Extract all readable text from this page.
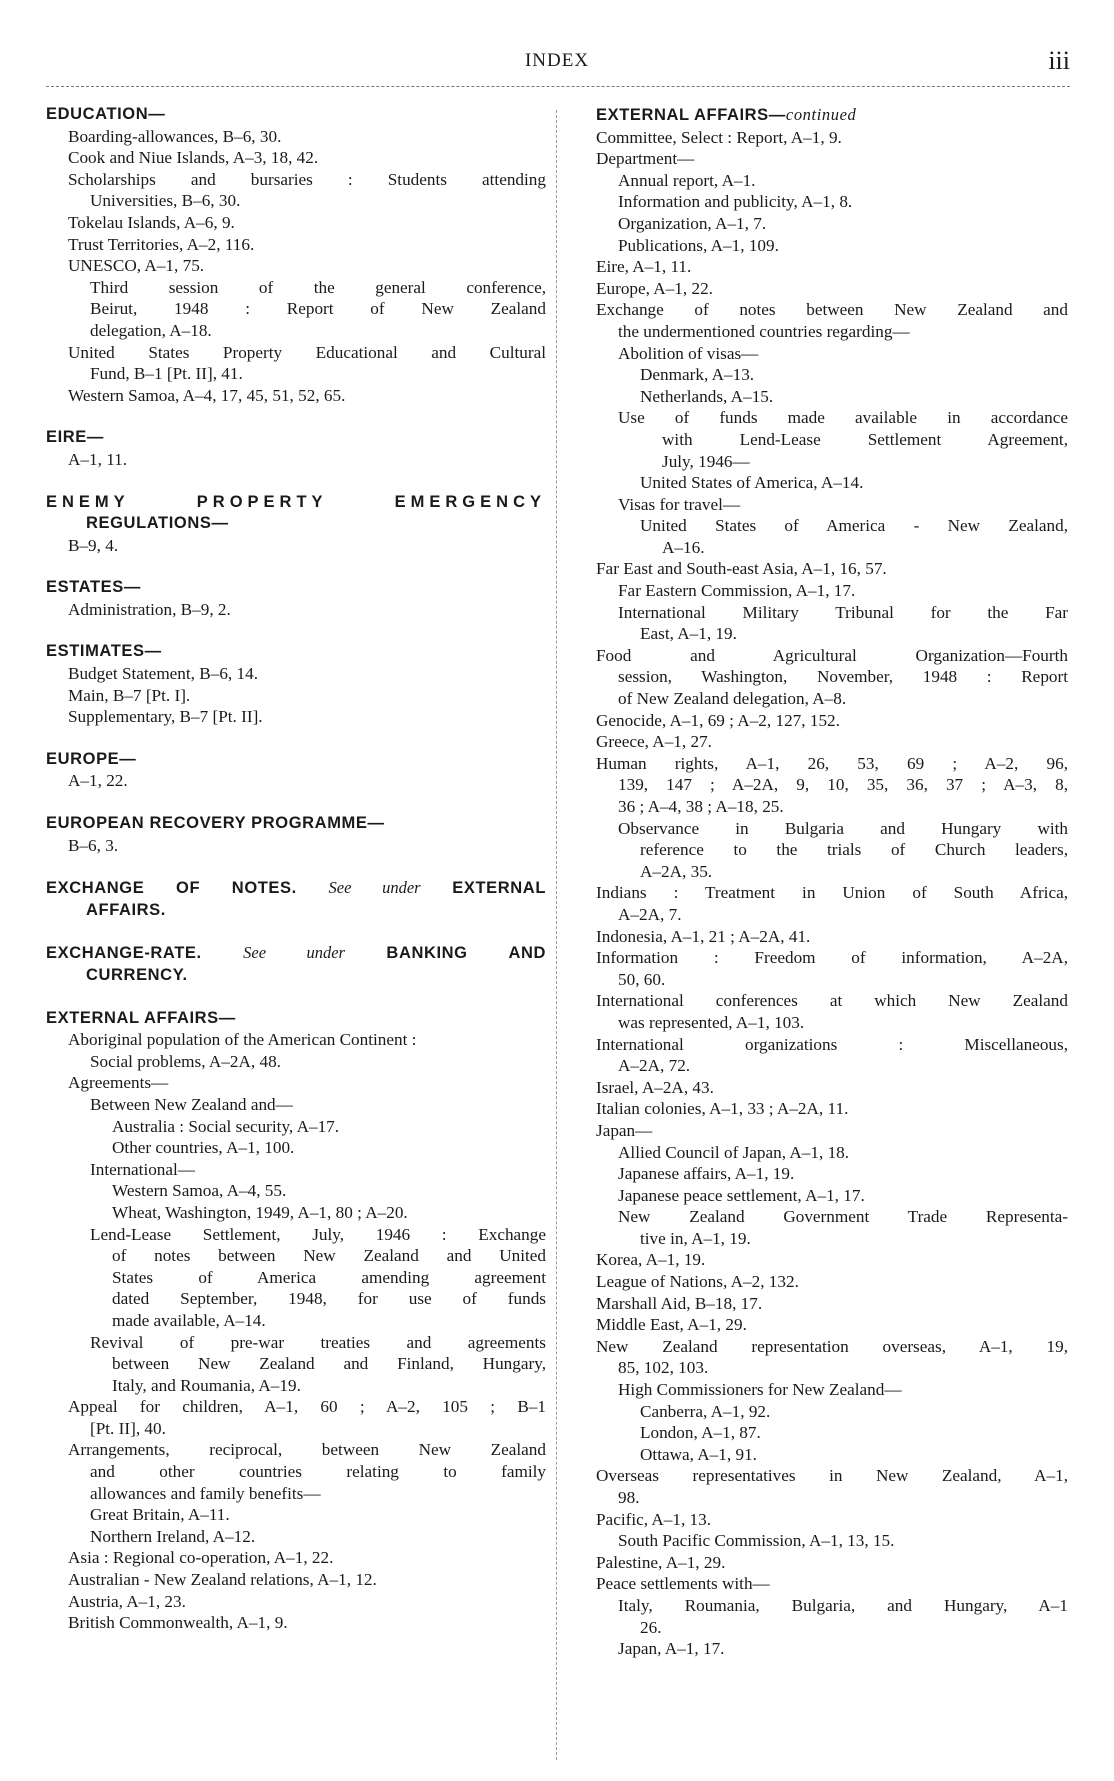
INDEX	iii
EDUCATION—
Boarding-allowances, B–6, 30.
Cook and Niue Islands, A–3, 18, 42.
Scholarships and bursaries : Students attending
Universities, B–6, 30.
Tokelau Islands, A–6, 9.
Trust Territories, A–2, 116.
UNESCO, A–1, 75.
Third session of the general conference,
Beirut, 1948 : Report of New Zealand
delegation, A–18.
United States Property Educational and Cultural
Fund, B–1 [Pt. II], 41.
Western Samoa, A–4, 17, 45, 51, 52, 65.
EIRE—
A–1, 11.
ENEMY PROPERTY EMERGENCY
REGULATIONS—
B–9, 4.
ESTATES—
Administration, B–9, 2.
ESTIMATES—
Budget Statement, B–6, 14.
Main, B–7 [Pt. I].
Supplementary, B–7 [Pt. II].
EUROPE—
A–1, 22.
EUROPEAN RECOVERY PROGRAMME—
B–6, 3.
EXCHANGE OF NOTES. See under EXTERNAL
AFFAIRS.
EXCHANGE-RATE.	See under	BANKING AND
CURRENCY.
EXTERNAL AFFAIRS—
Aboriginal population of the American Continent :
Social problems, A–2A, 48.
Agreements—
Between New Zealand and—
Australia : Social security, A–17.
Other countries, A–1, 100.
International—
Western Samoa, A–4, 55.
Wheat, Washington, 1949, A–1, 80 ; A–20.
Lend-Lease Settlement, July, 1946 : Exchange
of notes between New Zealand and United
States of America amending agreement
dated September, 1948, for use of funds
made available, A–14.
Revival of pre-war treaties and agreements
between New Zealand and Finland, Hungary,
Italy, and Roumania, A–19.
Appeal for children, A–1, 60 ; A–2, 105 ; B–1
[Pt. II], 40.
Arrangements, reciprocal, between New Zealand
and other countries relating to family
allowances and family benefits—
Great Britain, A–11.
Northern Ireland, A–12.
Asia : Regional co-operation, A–1, 22.
Australian - New Zealand relations, A–1, 12.
Austria, A–1, 23.
British Commonwealth, A–1, 9.
EXTERNAL AFFAIRS—continued
Committee, Select : Report, A–1, 9.
Department—
Annual report, A–1.
Information and publicity, A–1, 8.
Organization, A–1, 7.
Publications, A–1, 109.
Eire, A–1, 11.
Europe, A–1, 22.
Exchange of notes between New Zealand and
the undermentioned countries regarding—
Abolition of visas—
Denmark, A–13.
Netherlands, A–15.
Use of funds made available in accordance
with Lend-Lease Settlement Agreement,
July, 1946—
United States of America, A–14.
Visas for travel—
United States of America - New Zealand,
A–16.
Far East and South-east Asia, A–1, 16, 57.
Far Eastern Commission, A–1, 17.
International Military Tribunal for the Far
East, A–1, 19.
Food and Agricultural Organization—Fourth
session, Washington, November, 1948 : Report
of New Zealand delegation, A–8.
Genocide, A–1, 69 ; A–2, 127, 152.
Greece, A–1, 27.
Human rights, A–1, 26, 53, 69 ; A–2, 96,
139, 147 ; A–2A, 9, 10, 35, 36, 37 ; A–3, 8,
36 ; A–4, 38 ; A–18, 25.
Observance in Bulgaria and Hungary with
reference to the trials of Church leaders,
A–2A, 35.
Indians : Treatment in Union of South Africa,
A–2A, 7.
Indonesia, A–1, 21 ; A–2A, 41.
Information : Freedom of information, A–2A,
50, 60.
International conferences at which New Zealand
was represented, A–1, 103.
International organizations : Miscellaneous,
A–2A, 72.
Israel, A–2A, 43.
Italian colonies, A–1, 33 ; A–2A, 11.
Japan—
Allied Council of Japan, A–1, 18.
Japanese affairs, A–1, 19.
Japanese peace settlement, A–1, 17.
New Zealand Government Trade Representa-
tive in, A–1, 19.
Korea, A–1, 19.
League of Nations, A–2, 132.
Marshall Aid, B–18, 17.
Middle East, A–1, 29.
New Zealand representation overseas, A–1, 19,
85, 102, 103.
High Commissioners for New Zealand—
Canberra, A–1, 92.
London, A–1, 87.
Ottawa, A–1, 91.
Overseas representatives in New Zealand, A–1,
98.
Pacific, A–1, 13.
South Pacific Commission, A–1, 13, 15.
Palestine, A–1, 29.
Peace settlements with—
Italy, Roumania, Bulgaria, and Hungary, A–1
26.
Japan, A–1, 17.
